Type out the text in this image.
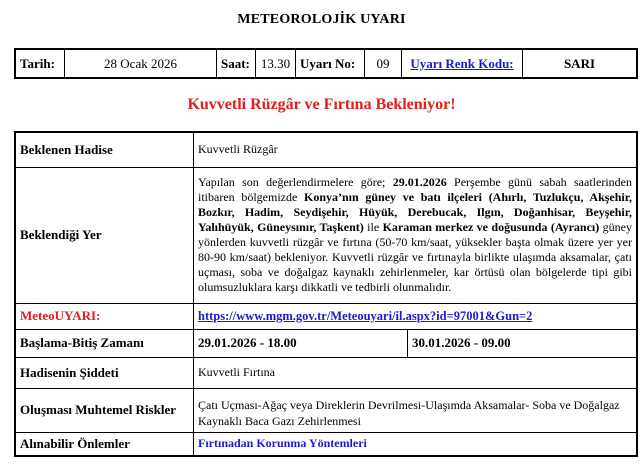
METEOROLOJİK UYARI
Tarih:	28 Ocak 2026	Saat:	13.30	Uyarı No:	09	Uyarı Renk Kodu:	SARI
Kuvvetli Rüzgâr ve Fırtına Bekleniyor!
Beklenen Hadise	Kuvvetli Rüzgâr	
Beklendiği Yer	Yapılan son değerlendirmelere göre; 29.01.2026 Perşembe günü sabah saatlerinden itibaren bölgemizde Konya’nın güney ve batı ilçeleri (Ahırlı, Tuzlukçu, Akşehir, Bozkır, Hadim, Seydişehir, Hüyük, Derebucak, Ilgın, Doğanhisar, Beyşehir, Yalıhüyük, Güneysınır, Taşkent) ile Karaman merkez ve doğusunda (Ayrancı) güney yönlerden kuvvetli rüzgâr ve fırtına (50-70 km/saat, yüksekler başta olmak üzere yer yer 80-90 km/saat) bekleniyor. Kuvvetli rüzgâr ve fırtınayla birlikte ulaşımda aksamalar, çatı uçması, soba ve doğalgaz kaynaklı zehirlenmeler, kar örtüsü olan bölgelerde tipi gibi olumsuzluklara karşı dikkatli ve tedbirli olunmalıdır.	
MeteoUYARI:	https://www.mgm.gov.tr/Meteouyari/il.aspx?id=97001&Gun=2	
Başlama-Bitiş Zamanı	29.01.2026 - 18.00	30.01.2026 - 09.00
Hadisenin Şiddeti	Kuvvetli Fırtına	
Oluşması Muhtemel Riskler	Çatı Uçması-Ağaç veya Direklerin Devrilmesi-Ulaşımda Aksamalar- Soba ve Doğalgaz Kaynaklı Baca Gazı Zehirlenmesi	
Alınabilir Önlemler	Fırtınadan Korunma Yöntemleri	
